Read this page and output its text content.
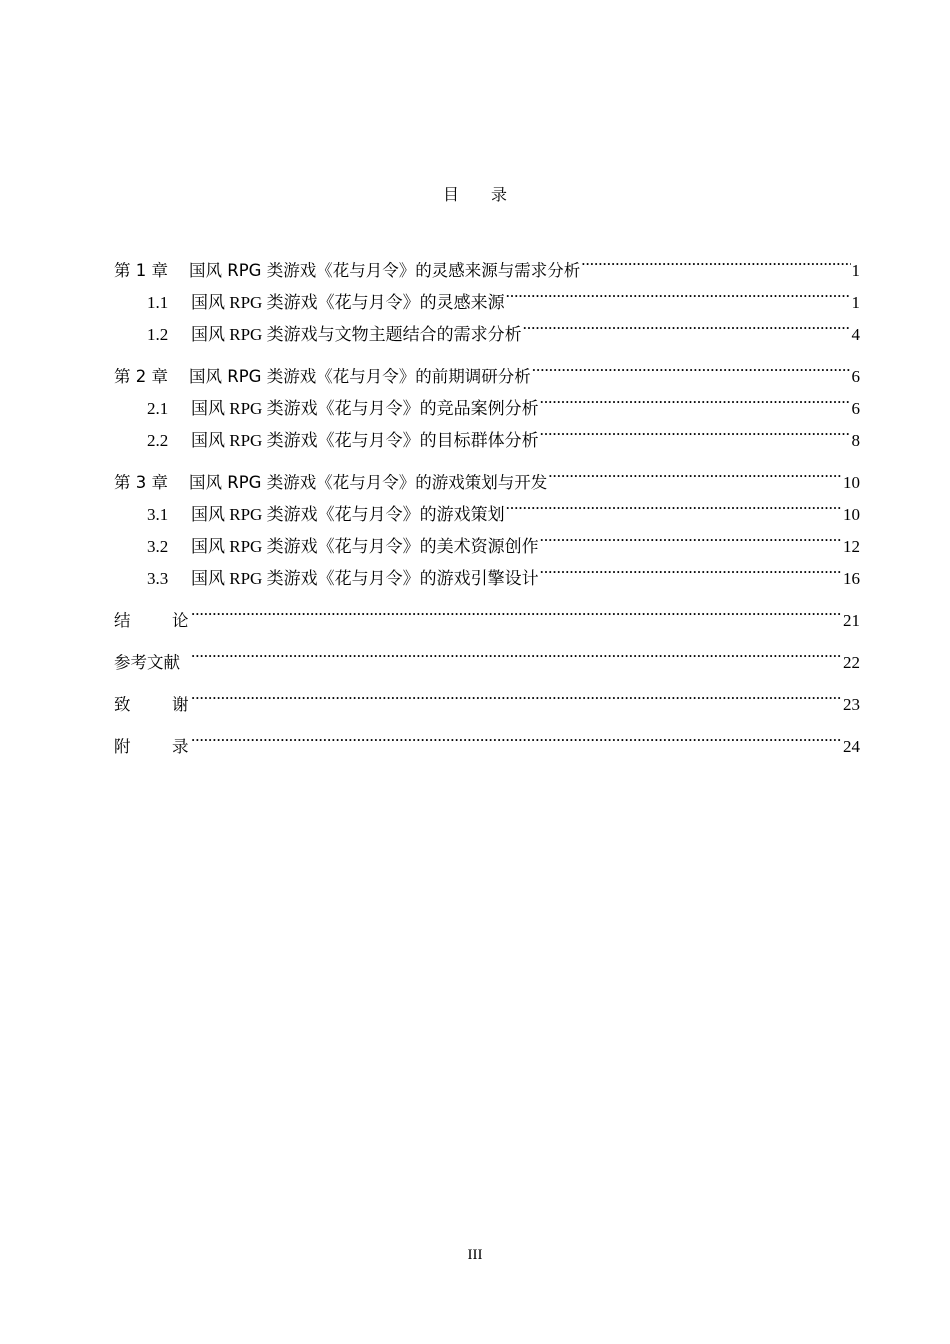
目 录
第 1 章 国风 RPG 类游戏《花与月令》的灵感来源与需求分析 .....	1
1.1 国风 RPG 类游戏《花与月令》的灵感来源 .....	1
1.2 国风 RPG 类游戏与文物主题结合的需求分析 .....	4
第 2 章 国风 RPG 类游戏《花与月令》的前期调研分析 .....	6
2.1 国风 RPG 类游戏《花与月令》的竞品案例分析 .....	6
2.2 国风 RPG 类游戏《花与月令》的目标群体分析 .....	8
第 3 章 国风 RPG 类游戏《花与月令》的游戏策划与开发 .....	10
3.1 国风 RPG 类游戏《花与月令》的游戏策划 .....	10
3.2 国风 RPG 类游戏《花与月令》的美术资源创作 .....	12
3.3 国风 RPG 类游戏《花与月令》的游戏引擎设计 .....	16
结	论 .....	21
参考文献 .....	22
致	谢 .....	23
附	录 .....	24
III
